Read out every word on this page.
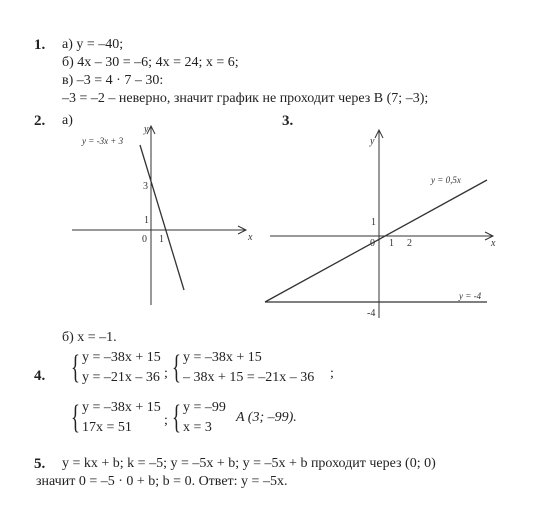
1. а) y = –40;
б) 4x – 30 = –6; 4x = 24; x = 6;
в) –3 = 4 · 7 – 30:
–3 = –2 – неверно, значит график не проходит через B (7; –3);
2. а)
y = -3x + 3
y
x
3
1
0 1
б) x = –1.
3.
y
x
y = 0,5x
y = -4
1
0 1 2
-4
4. { y = –38x + 15
y = –21x – 36 ; { y = –38x + 15
– 38x + 15 = –21x – 36 ;
{ y = –38x + 15
17x = 51 ; { y = –99
x = 3
A (3; –99).
5. y = kx + b; k = –5; y = –5x + b; y = –5x + b проходит через (0; 0)
значит 0 = –5 · 0 + b; b = 0. Ответ: y = –5x.
